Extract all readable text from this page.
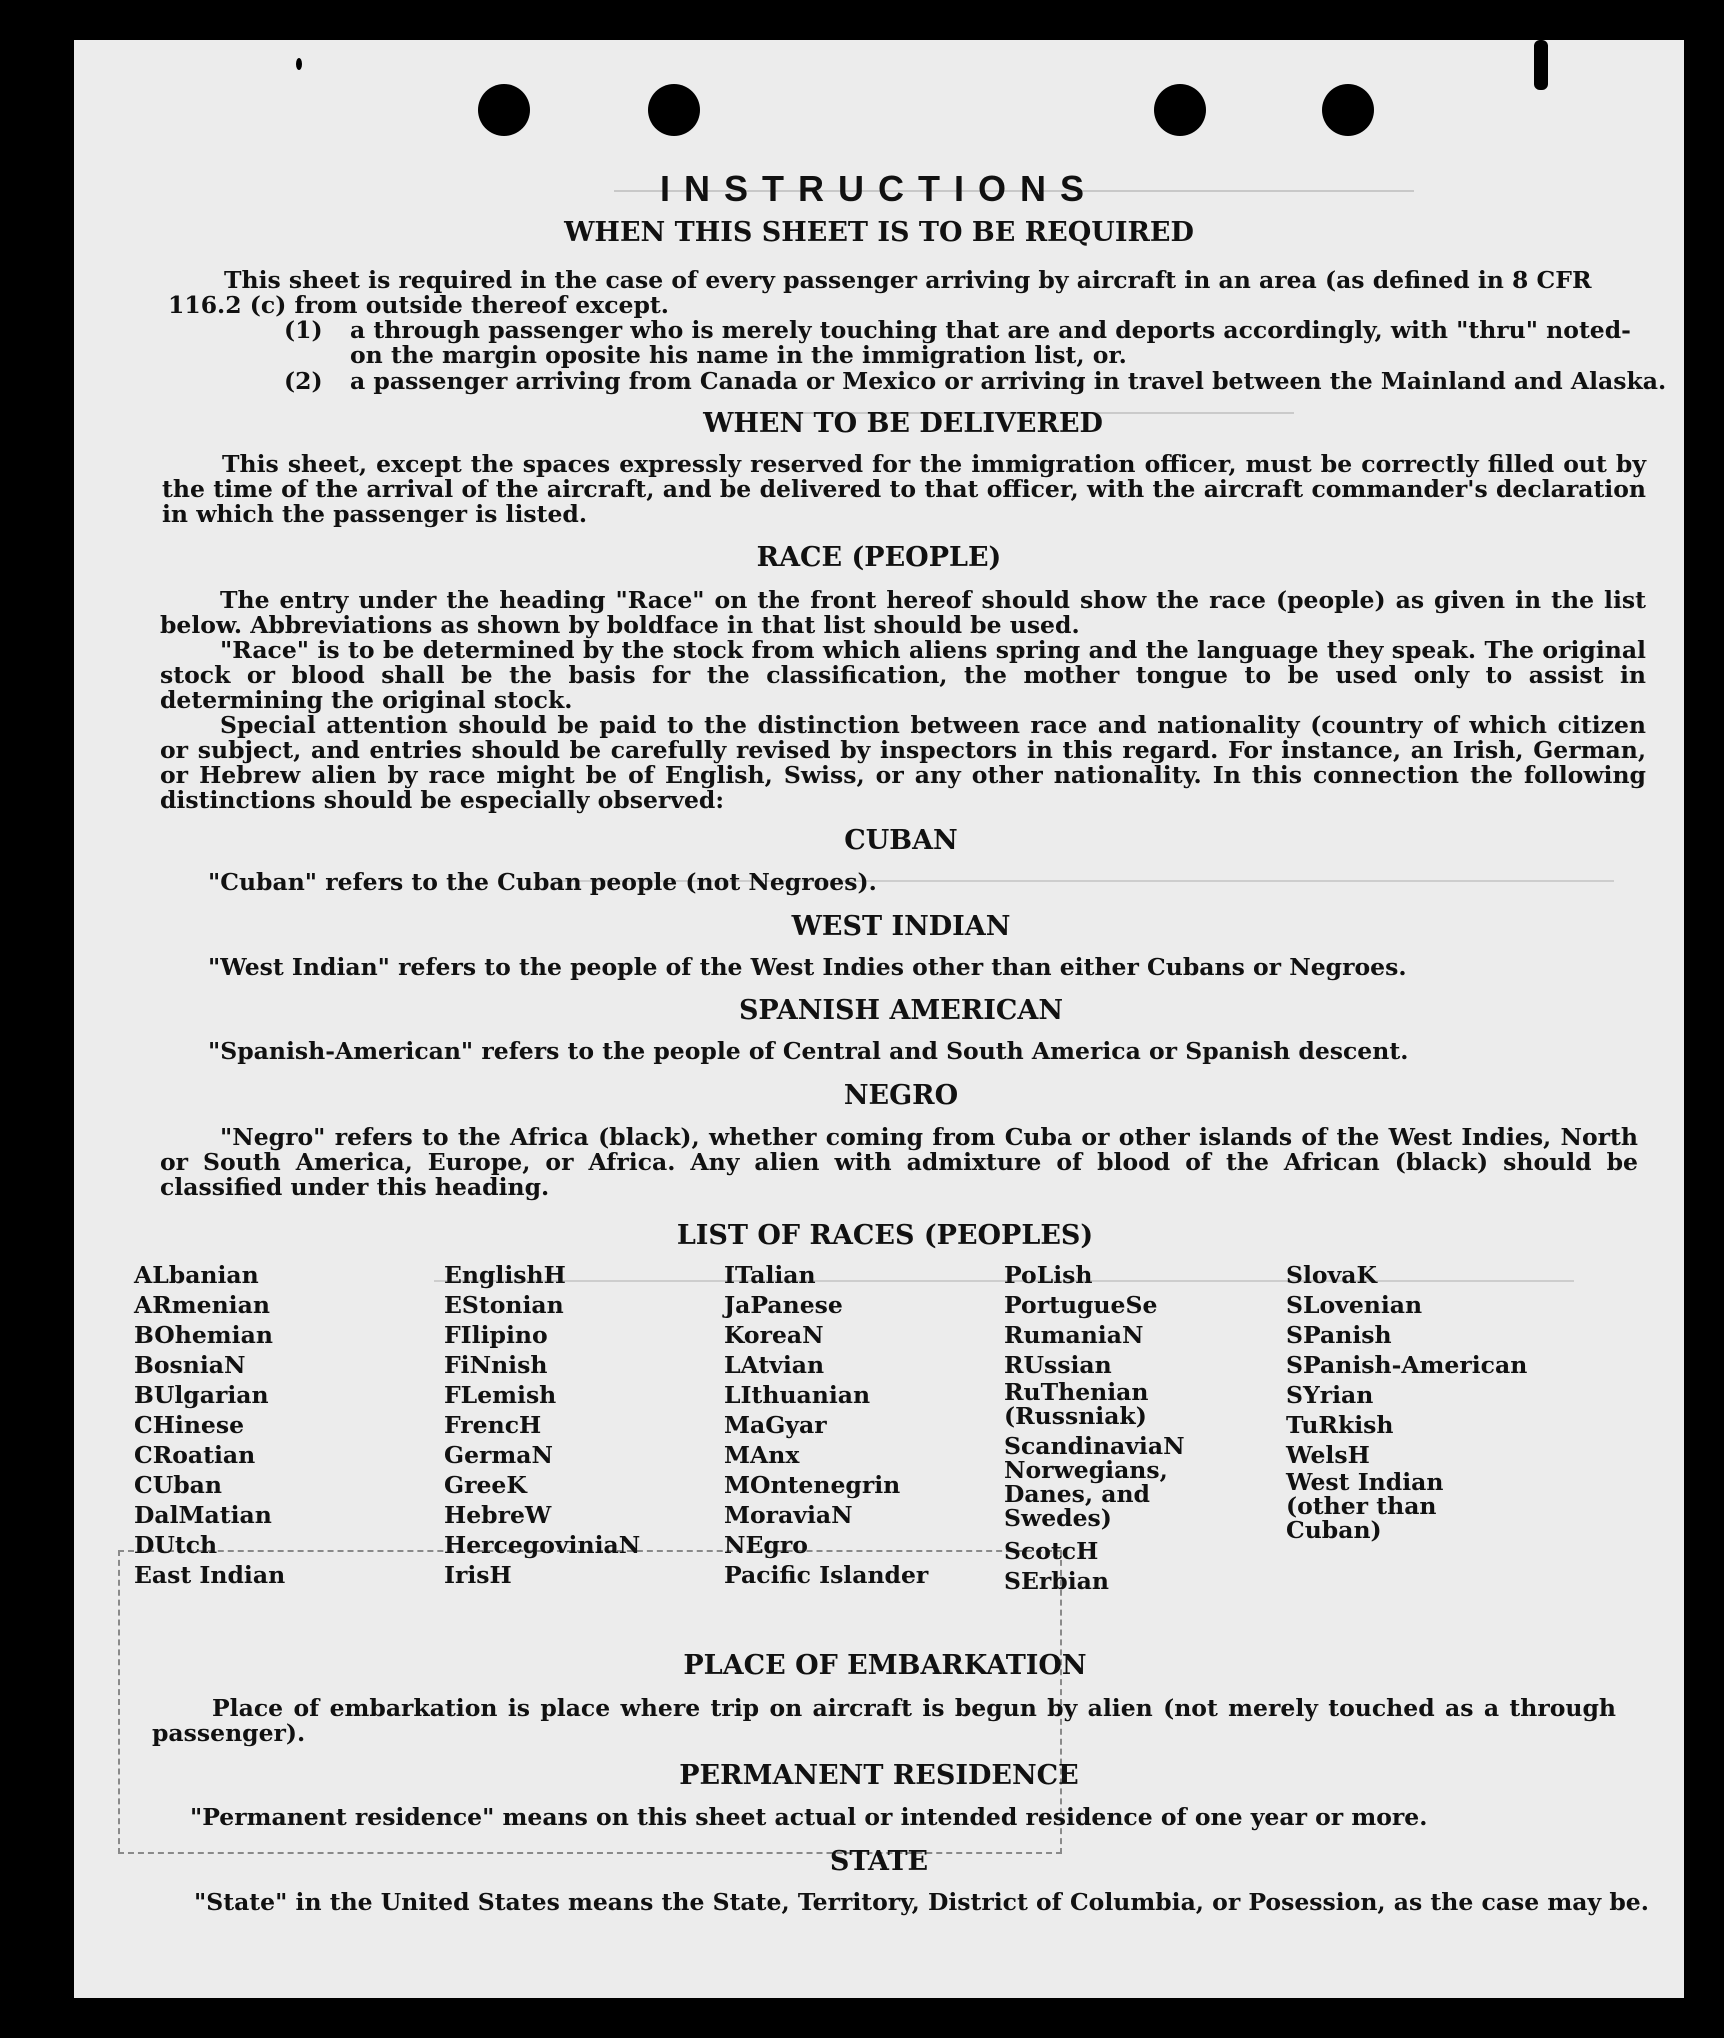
INSTRUCTIONS
WHEN THIS SHEET IS TO BE REQUIRED
This sheet is required in the case of every passenger arriving by aircraft in an area (as defined in 8 CFR
116.2 (c) from outside thereof except.
(1) a through passenger who is merely touching that are and deports accordingly, with "thru" noted-
on the margin oposite his name in the immigration list, or.
(2) a passenger arriving from Canada or Mexico or arriving in travel between the Mainland and Alaska.
WHEN TO BE DELIVERED
This sheet, except the spaces expressly reserved for the immigration officer, must be correctly filled out by the time of the arrival of the aircraft, and be delivered to that officer, with the aircraft commander's declaration in which the passenger is listed.
RACE (PEOPLE)
The entry under the heading "Race" on the front hereof should show the race (people) as given in the list below. Abbreviations as shown by boldface in that list should be used.
"Race" is to be determined by the stock from which aliens spring and the language they speak. The original stock or blood shall be the basis for the classification, the mother tongue to be used only to assist in determining the original stock.
Special attention should be paid to the distinction between race and nationality (country of which citizen or subject, and entries should be carefully revised by inspectors in this regard. For instance, an Irish, German, or Hebrew alien by race might be of English, Swiss, or any other nationality. In this connection the following distinctions should be especially observed:
CUBAN
"Cuban" refers to the Cuban people (not Negroes).
WEST INDIAN
"West Indian" refers to the people of the West Indies other than either Cubans or Negroes.
SPANISH AMERICAN
"Spanish-American" refers to the people of Central and South America or Spanish descent.
NEGRO
"Negro" refers to the Africa (black), whether coming from Cuba or other islands of the West Indies, North or South America, Europe, or Africa. Any alien with admixture of blood of the African (black) should be classified under this heading.
LIST OF RACES (PEOPLES)
ALbanian
ARmenian
BOhemian
BosniaN
BUlgarian
CHinese
CRoatian
CUban
DalMatian
DUtch
East Indian
EnglishH
EStonian
FIlipino
FiNnish
FLemish
FrencH
GermaN
GreeK
HebreW
HercegoviniaN
IrisH
ITalian
JaPanese
KoreaN
LAtvian
LIthuanian
MaGyar
MAnx
MOntenegrin
MoraviaN
NEgro
Pacific Islander
PoLish
PortugueSe
RumaniaN
RUssian
RuThenian (Russniak)
ScandinaviaN Norwegians, Danes, and Swedes)
ScotcH
SErbian
SlovaK
SLovenian
SPanish
SPanish-American
SYrian
TuRkish
WelsH
West Indian (other than Cuban)
PLACE OF EMBARKATION
Place of embarkation is place where trip on aircraft is begun by alien (not merely touched as a through passenger).
PERMANENT RESIDENCE
"Permanent residence" means on this sheet actual or intended residence of one year or more.
STATE
"State" in the United States means the State, Territory, District of Columbia, or Posession, as the case may be.
